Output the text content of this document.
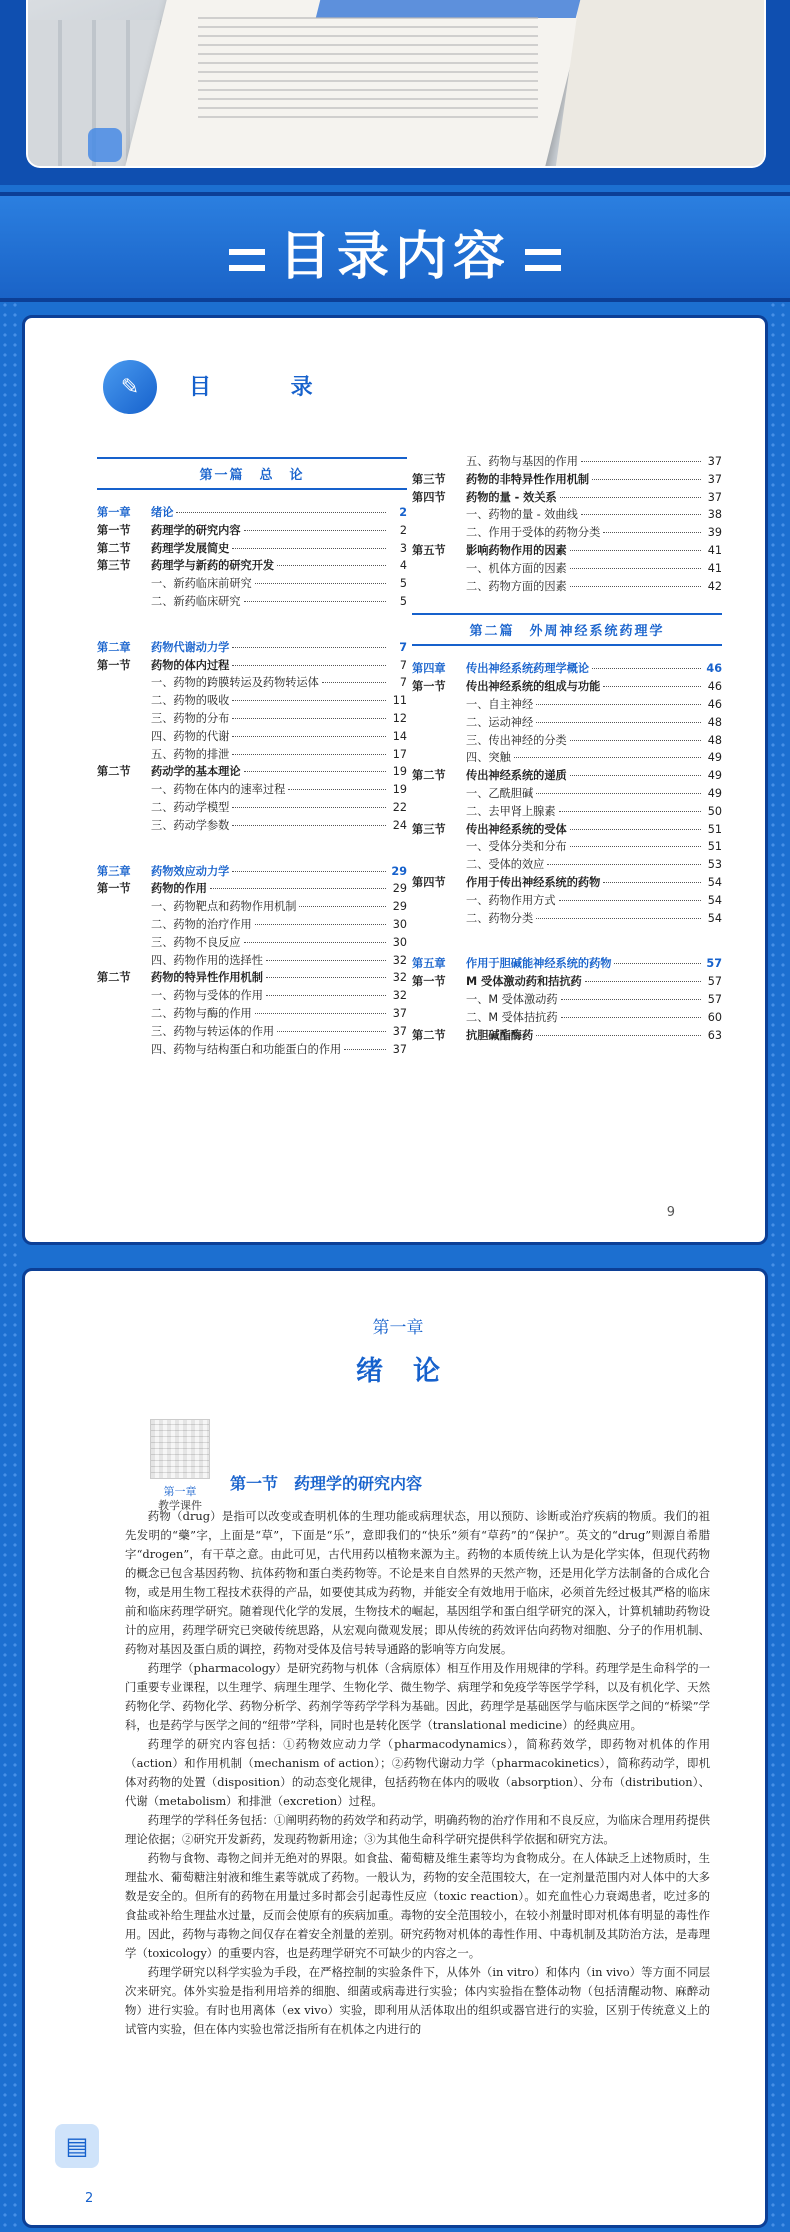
目录内容
✎	目 录
第一篇　总　论
第一章	绪论	2
第一节	药理学的研究内容	2
第二节	药理学发展简史	3
第三节	药理学与新药的研究开发	4
一、新药临床前研究	5
二、新药临床研究	5
第二章	药物代谢动力学	7
第一节	药物的体内过程	7
一、药物的跨膜转运及药物转运体	7
二、药物的吸收	11
三、药物的分布	12
四、药物的代谢	14
五、药物的排泄	17
第二节	药动学的基本理论	19
一、药物在体内的速率过程	19
二、药动学模型	22
三、药动学参数	24
第三章	药物效应动力学	29
第一节	药物的作用	29
一、药物靶点和药物作用机制	29
二、药物的治疗作用	30
三、药物不良反应	30
四、药物作用的选择性	32
第二节	药物的特异性作用机制	32
一、药物与受体的作用	32
二、药物与酶的作用	37
三、药物与转运体的作用	37
四、药物与结构蛋白和功能蛋白的作用	37
五、药物与基因的作用	37
第三节	药物的非特异性作用机制	37
第四节	药物的量 - 效关系	37
一、药物的量 - 效曲线	38
二、作用于受体的药物分类	39
第五节	影响药物作用的因素	41
一、机体方面的因素	41
二、药物方面的因素	42
第二篇　外周神经系统药理学
第四章	传出神经系统药理学概论	46
第一节	传出神经系统的组成与功能	46
一、自主神经	46
二、运动神经	48
三、传出神经的分类	48
四、突触	49
第二节	传出神经系统的递质	49
一、乙酰胆碱	49
二、去甲肾上腺素	50
第三节	传出神经系统的受体	51
一、受体分类和分布	51
二、受体的效应	53
第四节	作用于传出神经系统的药物	54
一、药物作用方式	54
二、药物分类	54
第五章	作用于胆碱能神经系统的药物	57
第一节	M 受体激动药和拮抗药	57
一、M 受体激动药	57
二、M 受体拮抗药	60
第二节	抗胆碱酯酶药	63
9
第一章
绪论
第一章
教学课件
第一节　药理学的研究内容

药物（drug）是指可以改变或查明机体的生理功能或病理状态，用以预防、诊断或治疗疾病的物质。我们的祖先发明的“藥”字，上面是“草”，下面是“乐”，意即我们的“快乐”须有“草药”的“保护”。英文的“drug”则源自希腊字“drogen”，有干草之意。由此可见，古代用药以植物来源为主。药物的本质传统上认为是化学实体，但现代药物的概念已包含基因药物、抗体药物和蛋白类药物等。不论是来自自然界的天然产物，还是用化学方法制备的合成化合物，或是用生物工程技术获得的产品，如要使其成为药物，并能安全有效地用于临床，必须首先经过极其严格的临床前和临床药理学研究。随着现代化学的发展，生物技术的崛起，基因组学和蛋白组学研究的深入，计算机辅助药物设计的应用，药理学研究已突破传统思路，从宏观向微观发展；即从传统的药效评估向药物对细胞、分子的作用机制、药物对基因及蛋白质的调控，药物对受体及信号转导通路的影响等方向发展。

药理学（pharmacology）是研究药物与机体（含病原体）相互作用及作用规律的学科。药理学是生命科学的一门重要专业课程，以生理学、病理生理学、生物化学、微生物学、病理学和免疫学等医学学科，以及有机化学、天然药物化学、药物化学、药物分析学、药剂学等药学学科为基础。因此，药理学是基础医学与临床医学之间的“桥梁”学科，也是药学与医学之间的“纽带”学科，同时也是转化医学（translational medicine）的经典应用。

药理学的研究内容包括：①药物效应动力学（pharmacodynamics），简称药效学，即药物对机体的作用（action）和作用机制（mechanism of action）；②药物代谢动力学（pharmacokinetics），简称药动学，即机体对药物的处置（disposition）的动态变化规律，包括药物在体内的吸收（absorption）、分布（distribution）、代谢（metabolism）和排泄（excretion）过程。

药理学的学科任务包括：①阐明药物的药效学和药动学，明确药物的治疗作用和不良反应，为临床合理用药提供理论依据；②研究开发新药，发现药物新用途；③为其他生命科学研究提供科学依据和研究方法。

药物与食物、毒物之间并无绝对的界限。如食盐、葡萄糖及维生素等均为食物成分。在人体缺乏上述物质时，生理盐水、葡萄糖注射液和维生素等就成了药物。一般认为，药物的安全范围较大，在一定剂量范围内对人体中的大多数是安全的。但所有的药物在用量过多时都会引起毒性反应（toxic reaction）。如充血性心力衰竭患者，吃过多的食盐或补给生理盐水过量，反而会使原有的疾病加重。毒物的安全范围较小，在较小剂量时即对机体有明显的毒性作用。因此，药物与毒物之间仅存在着安全剂量的差别。研究药物对机体的毒性作用、中毒机制及其防治方法，是毒理学（toxicology）的重要内容，也是药理学研究不可缺少的内容之一。

药理学研究以科学实验为手段，在严格控制的实验条件下，从体外（in vitro）和体内（in vivo）等方面不同层次来研究。体外实验是指利用培养的细胞、细菌或病毒进行实验；体内实验指在整体动物（包括清醒动物、麻醉动物）进行实验。有时也用离体（ex vivo）实验，即利用从活体取出的组织或器官进行的实验，区别于传统意义上的试管内实验，但在体内实验也常泛指所有在机体之内进行的

▤
2
